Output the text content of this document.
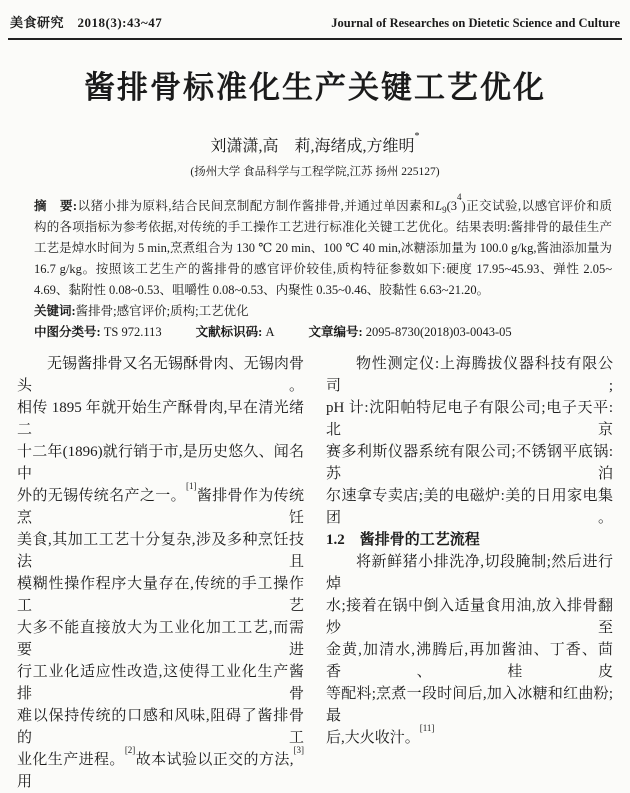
美食研究　2018(3):43~47	Journal of Researches on Dietetic Science and Culture
酱排骨标准化生产关键工艺优化
刘潇潇,高　莉,海绪成,方维明*
(扬州大学 食品科学与工程学院,江苏 扬州 225127)
摘　要:以猪小排为原料,结合民间烹制配方制作酱排骨,并通过单因素和$L_9(3^4)$正交试验,以感官评价和质
构的各项指标为参考依据,对传统的手工操作工艺进行标准化关键工艺优化。结果表明:酱排骨的最佳生产
工艺是焯水时间为 5 min,烹煮组合为 130 ℃ 20 min、100 ℃ 40 min,冰糖添加量为 100.0 g/kg,酱油添加量为
16.7 g/kg。按照该工艺生产的酱排骨的感官评价较佳,质构特征参数如下:硬度 17.95~45.93、弹性 2.05~
4.69、黏附性 0.08~0.53、咀嚼性 0.08~0.53、内聚性 0.35~0.46、胶黏性 6.63~21.20。
关键词:酱排骨;感官评价;质构;工艺优化
中图分类号: TS 972.113	文献标识码: A	文章编号: 2095-8730(2018)03-0043-05
无锡酱排骨又名无锡酥骨肉、无锡肉骨头。
相传 1895 年就开始生产酥骨肉,早在清光绪二
十二年(1896)就行销于市,是历史悠久、闻名中
外的无锡传统名产之一。[1]酱排骨作为传统烹饪
美食,其加工工艺十分复杂,涉及多种烹饪技法且
模糊性操作程序大量存在,传统的手工操作工艺
大多不能直接放大为工业化加工工艺,而需要进
行工业化适应性改造,这使得工业化生产酱排骨
难以保持传统的口感和风味,阻碍了酱排骨的工
业化生产进程。[2]故本试验以正交的方法,[3]用
物性测定仪:上海腾拔仪器科技有限公司;
pH 计:沈阳帕特尼电子有限公司;电子天平:北京
赛多利斯仪器系统有限公司;不锈钢平底锅:苏泊
尔速拿专卖店;美的电磁炉:美的日用家电集团。
1.2　酱排骨的工艺流程
将新鲜猪小排洗净,切段腌制;然后进行焯
水;接着在锅中倒入适量食用油,放入排骨翻炒至
金黄,加清水,沸腾后,再加酱油、丁香、茴香、桂皮
等配料;烹煮一段时间后,加入冰糖和红曲粉;最
后,大火收汁。[11]
